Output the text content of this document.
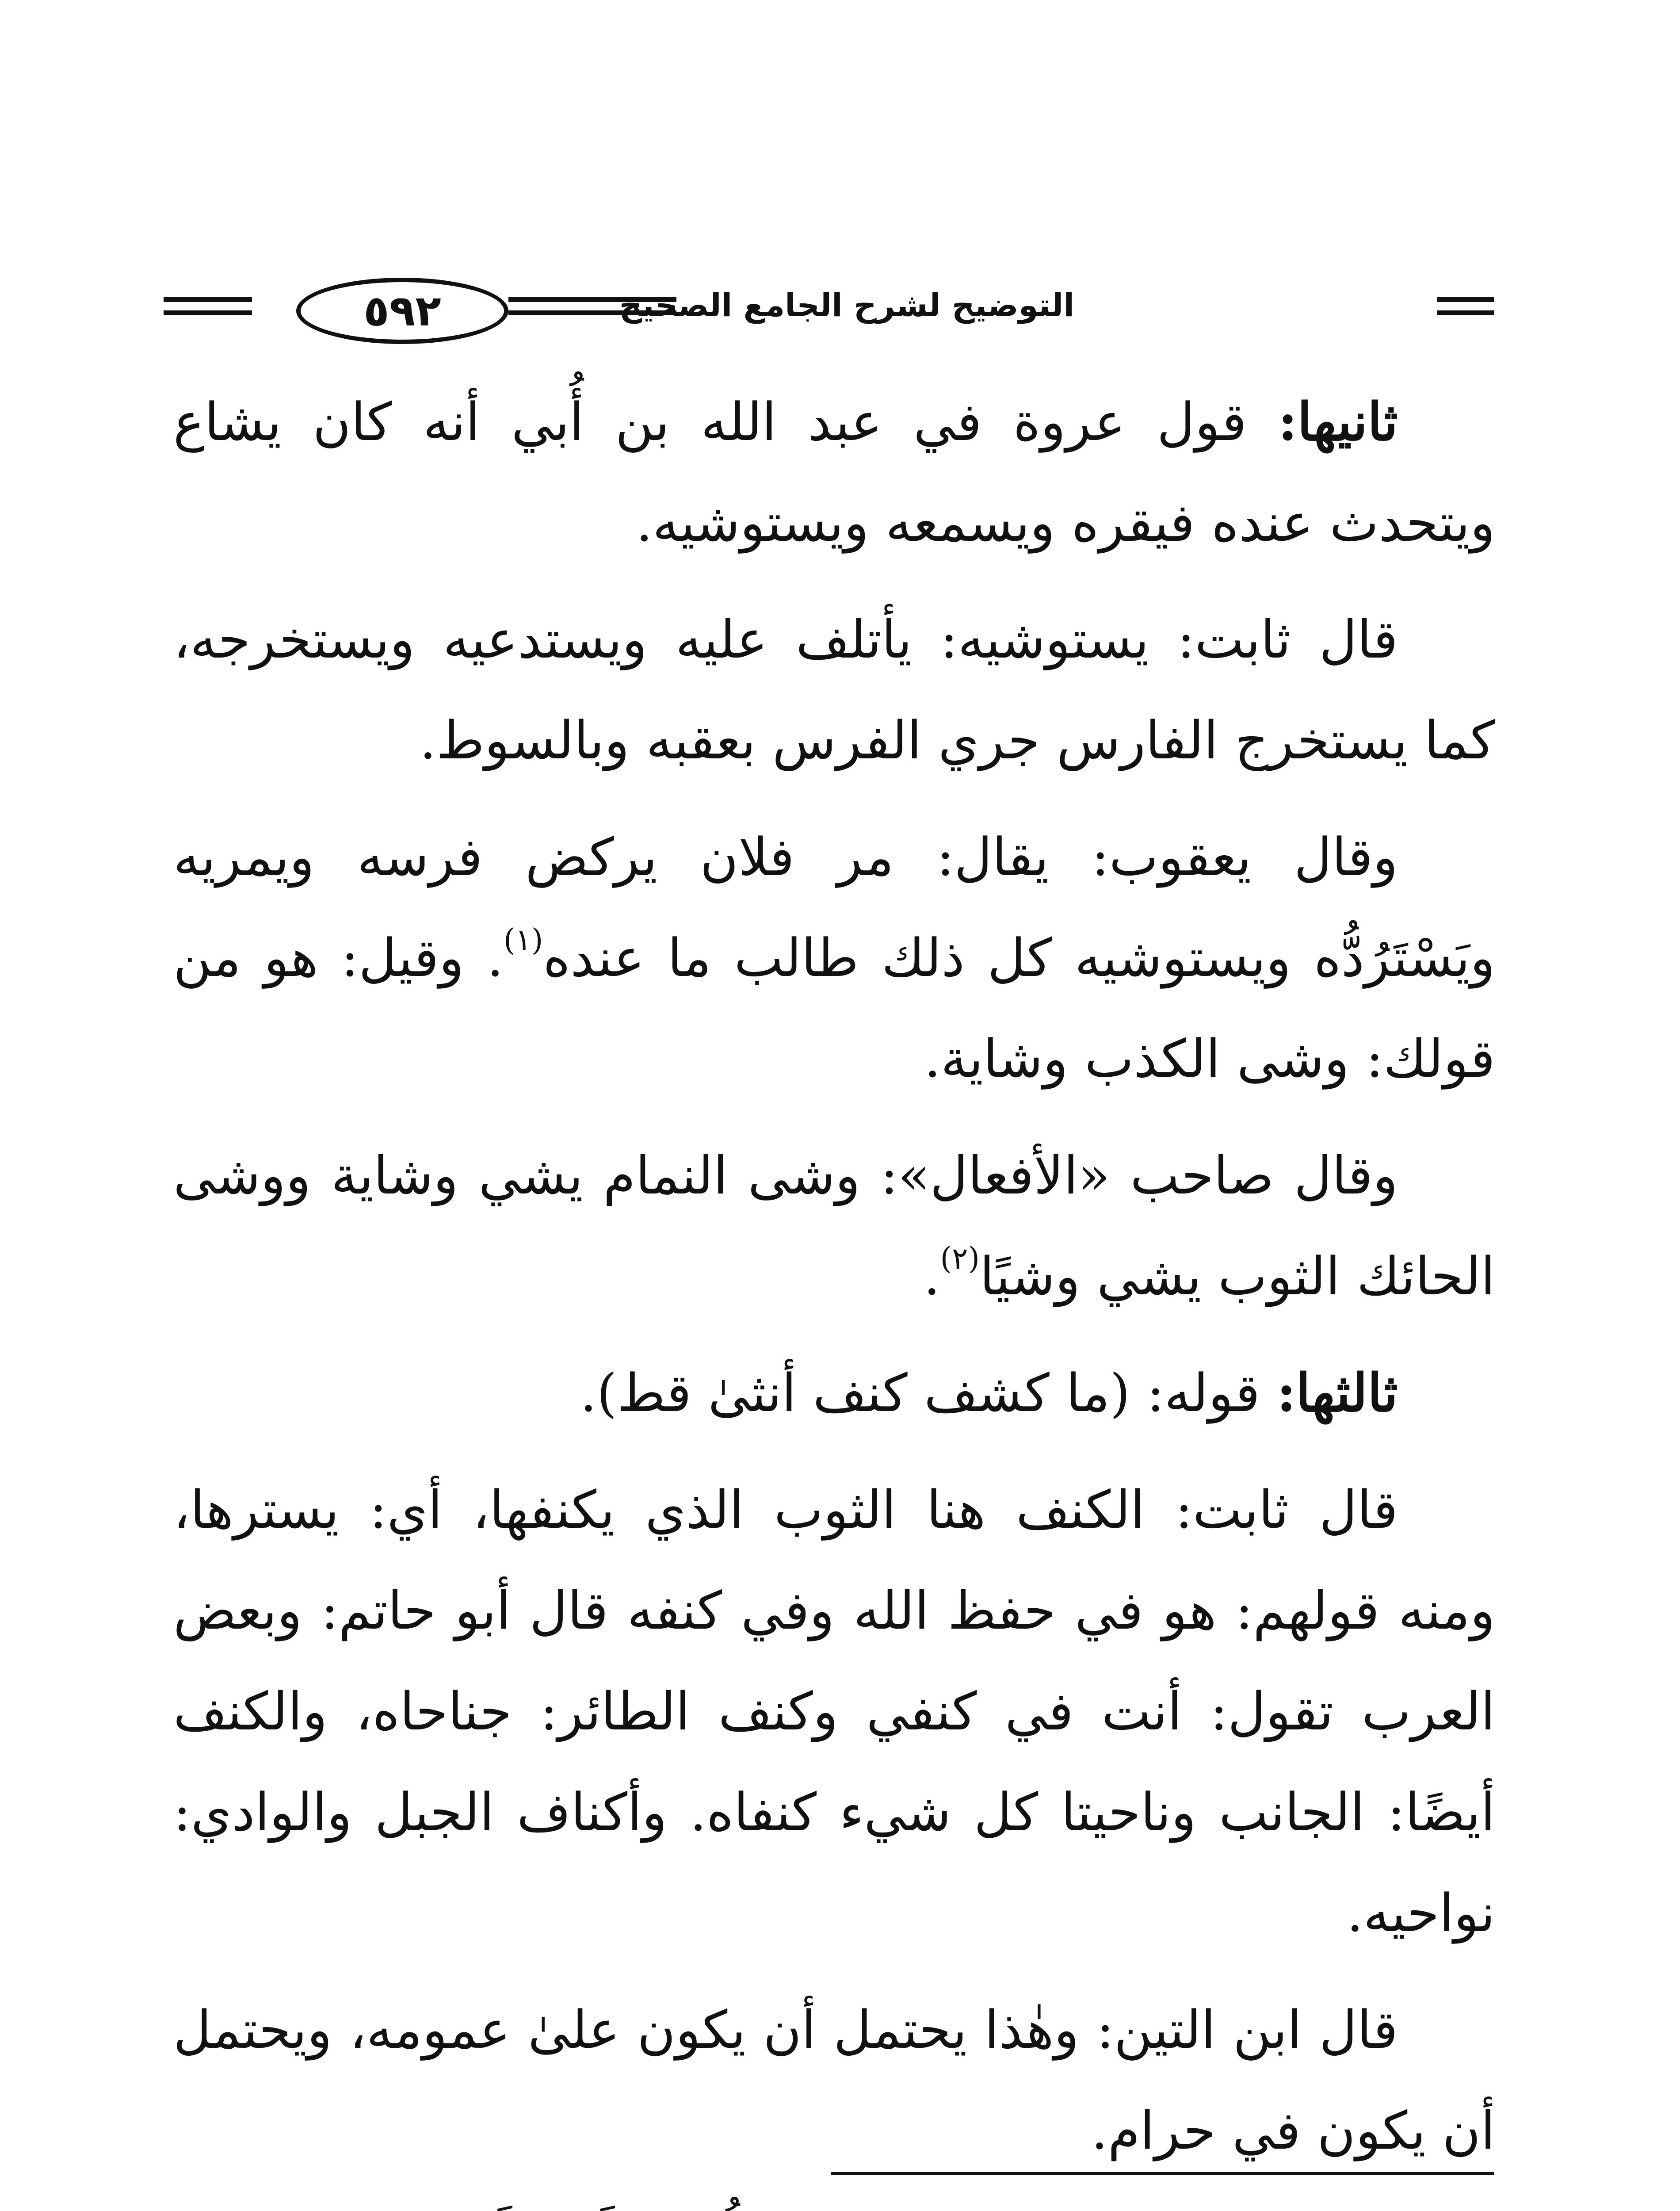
٥٩٢	التوضيح لشرح الجامع الصحيح

ثانيها: قول عروة في عبد الله بن أُبي أنه كان يشاع ويتحدث عنده فيقره ويسمعه ويستوشيه.

قال ثابت: يستوشيه: يأتلف عليه ويستدعيه ويستخرجه، كما يستخرج الفارس جري الفرس بعقبه وبالسوط.

وقال يعقوب: يقال: مر فلان يركض فرسه ويمريه ويَسْتَرُدُّه ويستوشيه كل ذلك طالب ما عنده$^{(١)}$. وقيل: هو من قولك: وشى الكذب وشاية.

وقال صاحب «الأفعال»: وشى النمام يشي وشاية ووشى الحائك الثوب يشي وشيًا$^{(٢)}$.

ثالثها: قوله: (ما كشف كنف أنثىٰ قط).

قال ثابت: الكنف هنا الثوب الذي يكنفها، أي: يسترها، ومنه قولهم: هو في حفظ الله وفي كنفه قال أبو حاتم: وبعض العرب تقول: أنت في كنفي وكنف الطائر: جناحاه، والكنف أيضًا: الجانب وناحيتا كل شيء كنفاه. وأكناف الجبل والوادي: نواحيه.

قال ابن التين: وهٰذا يحتمل أن يكون علىٰ عمومه، ويحتمل أن يكون في حرام.
